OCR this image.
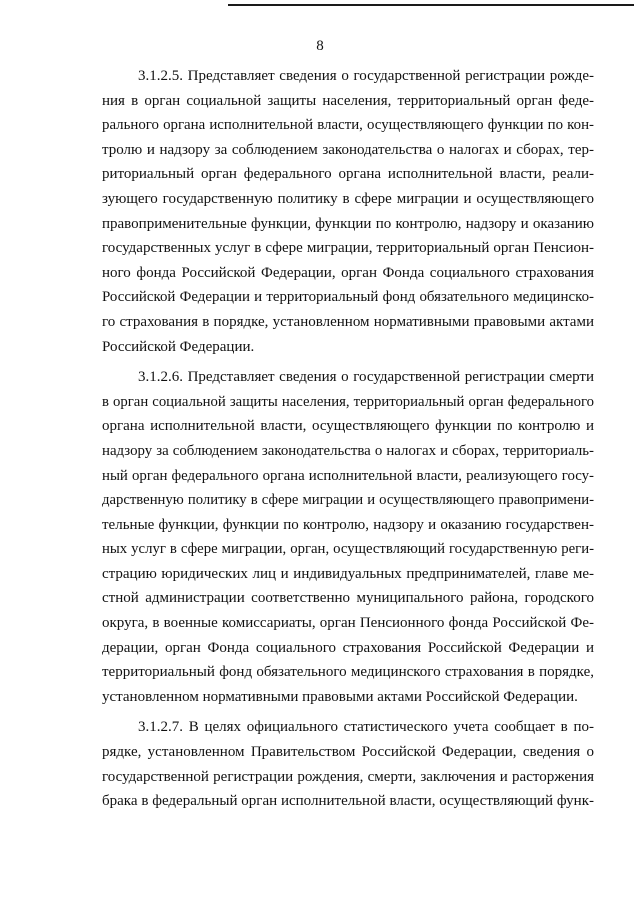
8

3.1.2.5. Представляет сведения о государственной регистрации рожде-
ния в орган социальной защиты населения, территориальный орган феде-
рального органа исполнительной власти, осуществляющего функции по кон-
тролю и надзору за соблюдением законодательства о налогах и сборах, тер-
риториальный орган федерального органа исполнительной власти, реали-
зующего государственную политику в сфере миграции и осуществляющего
правоприменительные функции, функции по контролю, надзору и оказанию
государственных услуг в сфере миграции, территориальный орган Пенсион-
ного фонда Российской Федерации, орган Фонда социального страхования
Российской Федерации и территориальный фонд обязательного медицинско-
го страхования в порядке, установленном нормативными правовыми актами
Российской Федерации.

3.1.2.6. Представляет сведения о государственной регистрации смерти
в орган социальной защиты населения, территориальный орган федерального
органа исполнительной власти, осуществляющего функции по контролю и
надзору за соблюдением законодательства о налогах и сборах, территориаль-
ный орган федерального органа исполнительной власти, реализующего госу-
дарственную политику в сфере миграции и осуществляющего правопримени-
тельные функции, функции по контролю, надзору и оказанию государствен-
ных услуг в сфере миграции, орган, осуществляющий государственную реги-
страцию юридических лиц и индивидуальных предпринимателей, главе ме-
стной администрации соответственно муниципального района, городского
округа, в военные комиссариаты, орган Пенсионного фонда Российской Фе-
дерации, орган Фонда социального страхования Российской Федерации и
территориальный фонд обязательного медицинского страхования в порядке,
установленном нормативными правовыми актами Российской Федерации.

3.1.2.7. В целях официального статистического учета сообщает в по-
рядке, установленном Правительством Российской Федерации, сведения о
государственной регистрации рождения, смерти, заключения и расторжения
брака в федеральный орган исполнительной власти, осуществляющий функ-
